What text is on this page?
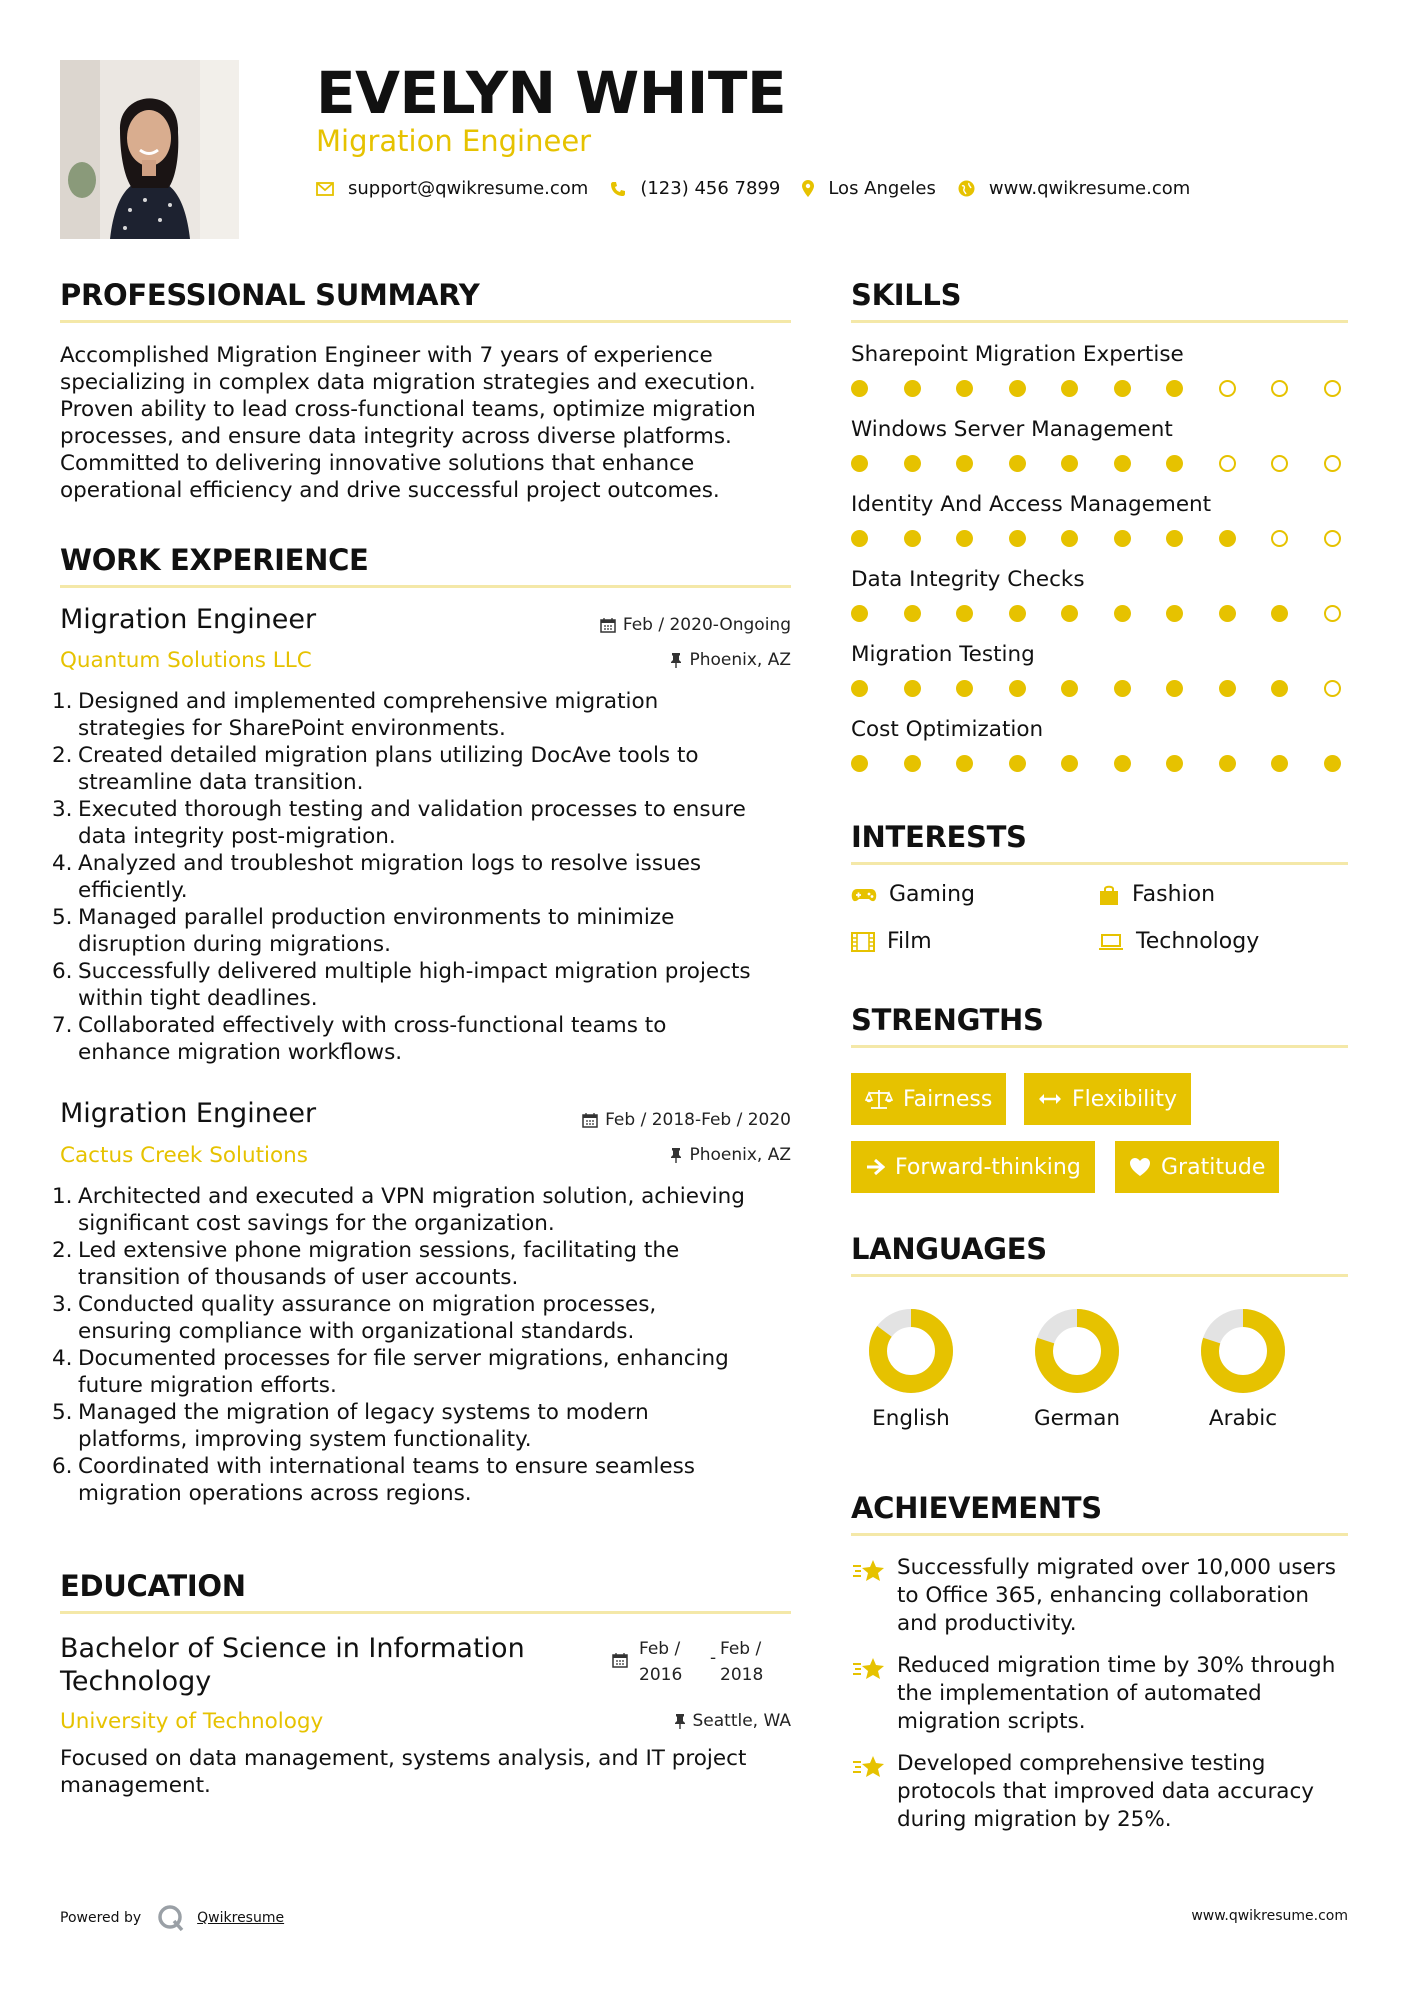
EVELYN WHITE
Migration Engineer
support@qwikresume.com	(123) 456 7899	Los Angeles	www.qwikresume.com
PROFESSIONAL SUMMARY
Accomplished Migration Engineer with 7 years of experience
specializing in complex data migration strategies and execution.
Proven ability to lead cross-functional teams, optimize migration
processes, and ensure data integrity across diverse platforms.
Committed to delivering innovative solutions that enhance
operational efficiency and drive successful project outcomes.
WORK EXPERIENCE
Migration Engineer	Feb / 2020-Ongoing
Quantum Solutions LLC	Phoenix, AZ
1. Designed and implemented comprehensive migration
strategies for SharePoint environments.
2. Created detailed migration plans utilizing DocAve tools to
streamline data transition.
3. Executed thorough testing and validation processes to ensure
data integrity post-migration.
4. Analyzed and troubleshot migration logs to resolve issues
efficiently.
5. Managed parallel production environments to minimize
disruption during migrations.
6. Successfully delivered multiple high-impact migration projects
within tight deadlines.
7. Collaborated effectively with cross-functional teams to
enhance migration workflows.
Migration Engineer	Feb / 2018-Feb / 2020
Cactus Creek Solutions	Phoenix, AZ
1. Architected and executed a VPN migration solution, achieving
significant cost savings for the organization.
2. Led extensive phone migration sessions, facilitating the
transition of thousands of user accounts.
3. Conducted quality assurance on migration processes,
ensuring compliance with organizational standards.
4. Documented processes for file server migrations, enhancing
future migration efforts.
5. Managed the migration of legacy systems to modern
platforms, improving system functionality.
6. Coordinated with international teams to ensure seamless
migration operations across regions.
EDUCATION
Bachelor of Science in Information
Technology
Feb /
2016
- Feb /
2018
University of Technology	Seattle, WA
Focused on data management, systems analysis, and IT project
management.
SKILLS
Sharepoint Migration Expertise
Windows Server Management
Identity And Access Management
Data Integrity Checks
Migration Testing
Cost Optimization
INTERESTS
Gaming	Fashion
Film	Technology
STRENGTHS
Fairness	Flexibility
Forward-thinking	Gratitude
LANGUAGES
English	German	Arabic
ACHIEVEMENTS
Successfully migrated over 10,000 users
to Office 365, enhancing collaboration
and productivity.
Reduced migration time by 30% through
the implementation of automated
migration scripts.
Developed comprehensive testing
protocols that improved data accuracy
during migration by 25%.
Powered by	Qwikresume	www.qwikresume.com
